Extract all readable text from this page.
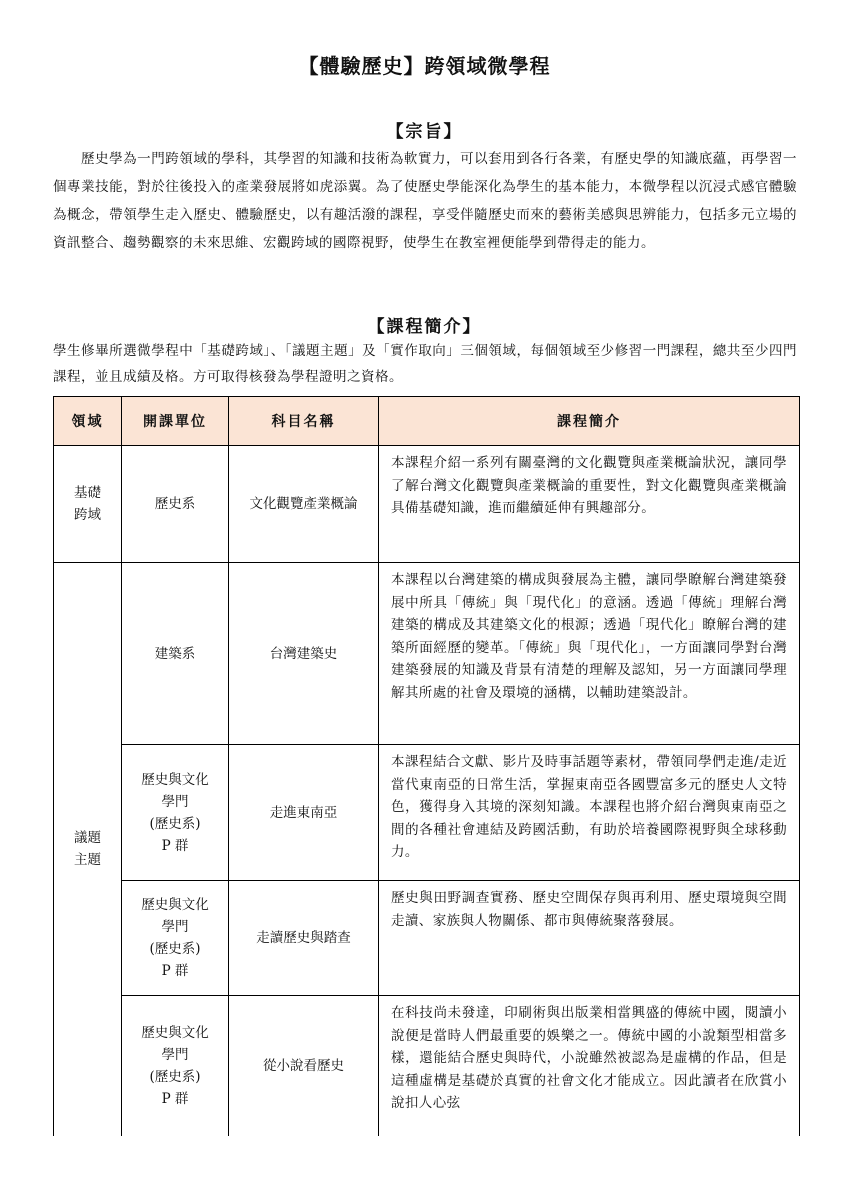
【體驗歷史】跨領域微學程
【宗旨】
歷史學為一門跨領域的學科，其學習的知識和技術為軟實力，可以套用到各行各業，有歷史學的知識底蘊，再學習一個專業技能，對於往後投入的產業發展將如虎添翼。為了使歷史學能深化為學生的基本能力，本微學程以沉浸式感官體驗為概念，帶領學生走入歷史、體驗歷史，以有趣活潑的課程，享受伴隨歷史而來的藝術美感與思辨能力，包括多元立場的資訊整合、趨勢觀察的未來思維、宏觀跨域的國際視野，使學生在教室裡便能學到帶得走的能力。
【課程簡介】
學生修畢所選微學程中「基礎跨域」、「議題主題」及「實作取向」三個領域，每個領域至少修習一門課程，總共至少四門課程，並且成績及格。方可取得核發為學程證明之資格。
領域	開課單位	科目名稱	課程簡介

基礎
跨域	歷史系	文化觀覽產業概論	本課程介紹一系列有關臺灣的文化觀覽與產業概論狀況，讓同學了解台灣文化觀覽與產業概論的重要性，對文化觀覽與產業概論具備基礎知識，進而繼續延伸有興趣部分。

議題
主題	建築系	台灣建築史	本課程以台灣建築的構成與發展為主體，讓同學瞭解台灣建築發展中所具「傳統」與「現代化」的意涵。透過「傳統」理解台灣建築的構成及其建築文化的根源；透過「現代化」瞭解台灣的建築所面經歷的變革。「傳統」與「現代化」，一方面讓同學對台灣建築發展的知識及背景有清楚的理解及認知，另一方面讓同學理解其所處的社會及環境的涵構，以輔助建築設計。

	歷史與文化
學門
(歷史系)
P 群	走進東南亞	本課程結合文獻、影片及時事話題等素材，帶領同學們走進/走近當代東南亞的日常生活，掌握東南亞各國豐富多元的歷史人文特色，獲得身入其境的深刻知識。本課程也將介紹台灣與東南亞之間的各種社會連結及跨國活動，有助於培養國際視野與全球移動力。

	歷史與文化
學門
(歷史系)
P 群	走讀歷史與踏查	歷史與田野調查實務、歷史空間保存與再利用、歷史環境與空間走讀、家族與人物關係、都市與傳統聚落發展。

	歷史與文化
學門
(歷史系)
P 群	從小說看歷史	在科技尚未發達，印刷術與出版業相當興盛的傳統中國，閱讀小說便是當時人們最重要的娛樂之一。傳統中國的小說類型相當多樣，還能結合歷史與時代，小說雖然被認為是虛構的作品，但是這種虛構是基礎於真實的社會文化才能成立。因此讀者在欣賞小說扣人心弦
